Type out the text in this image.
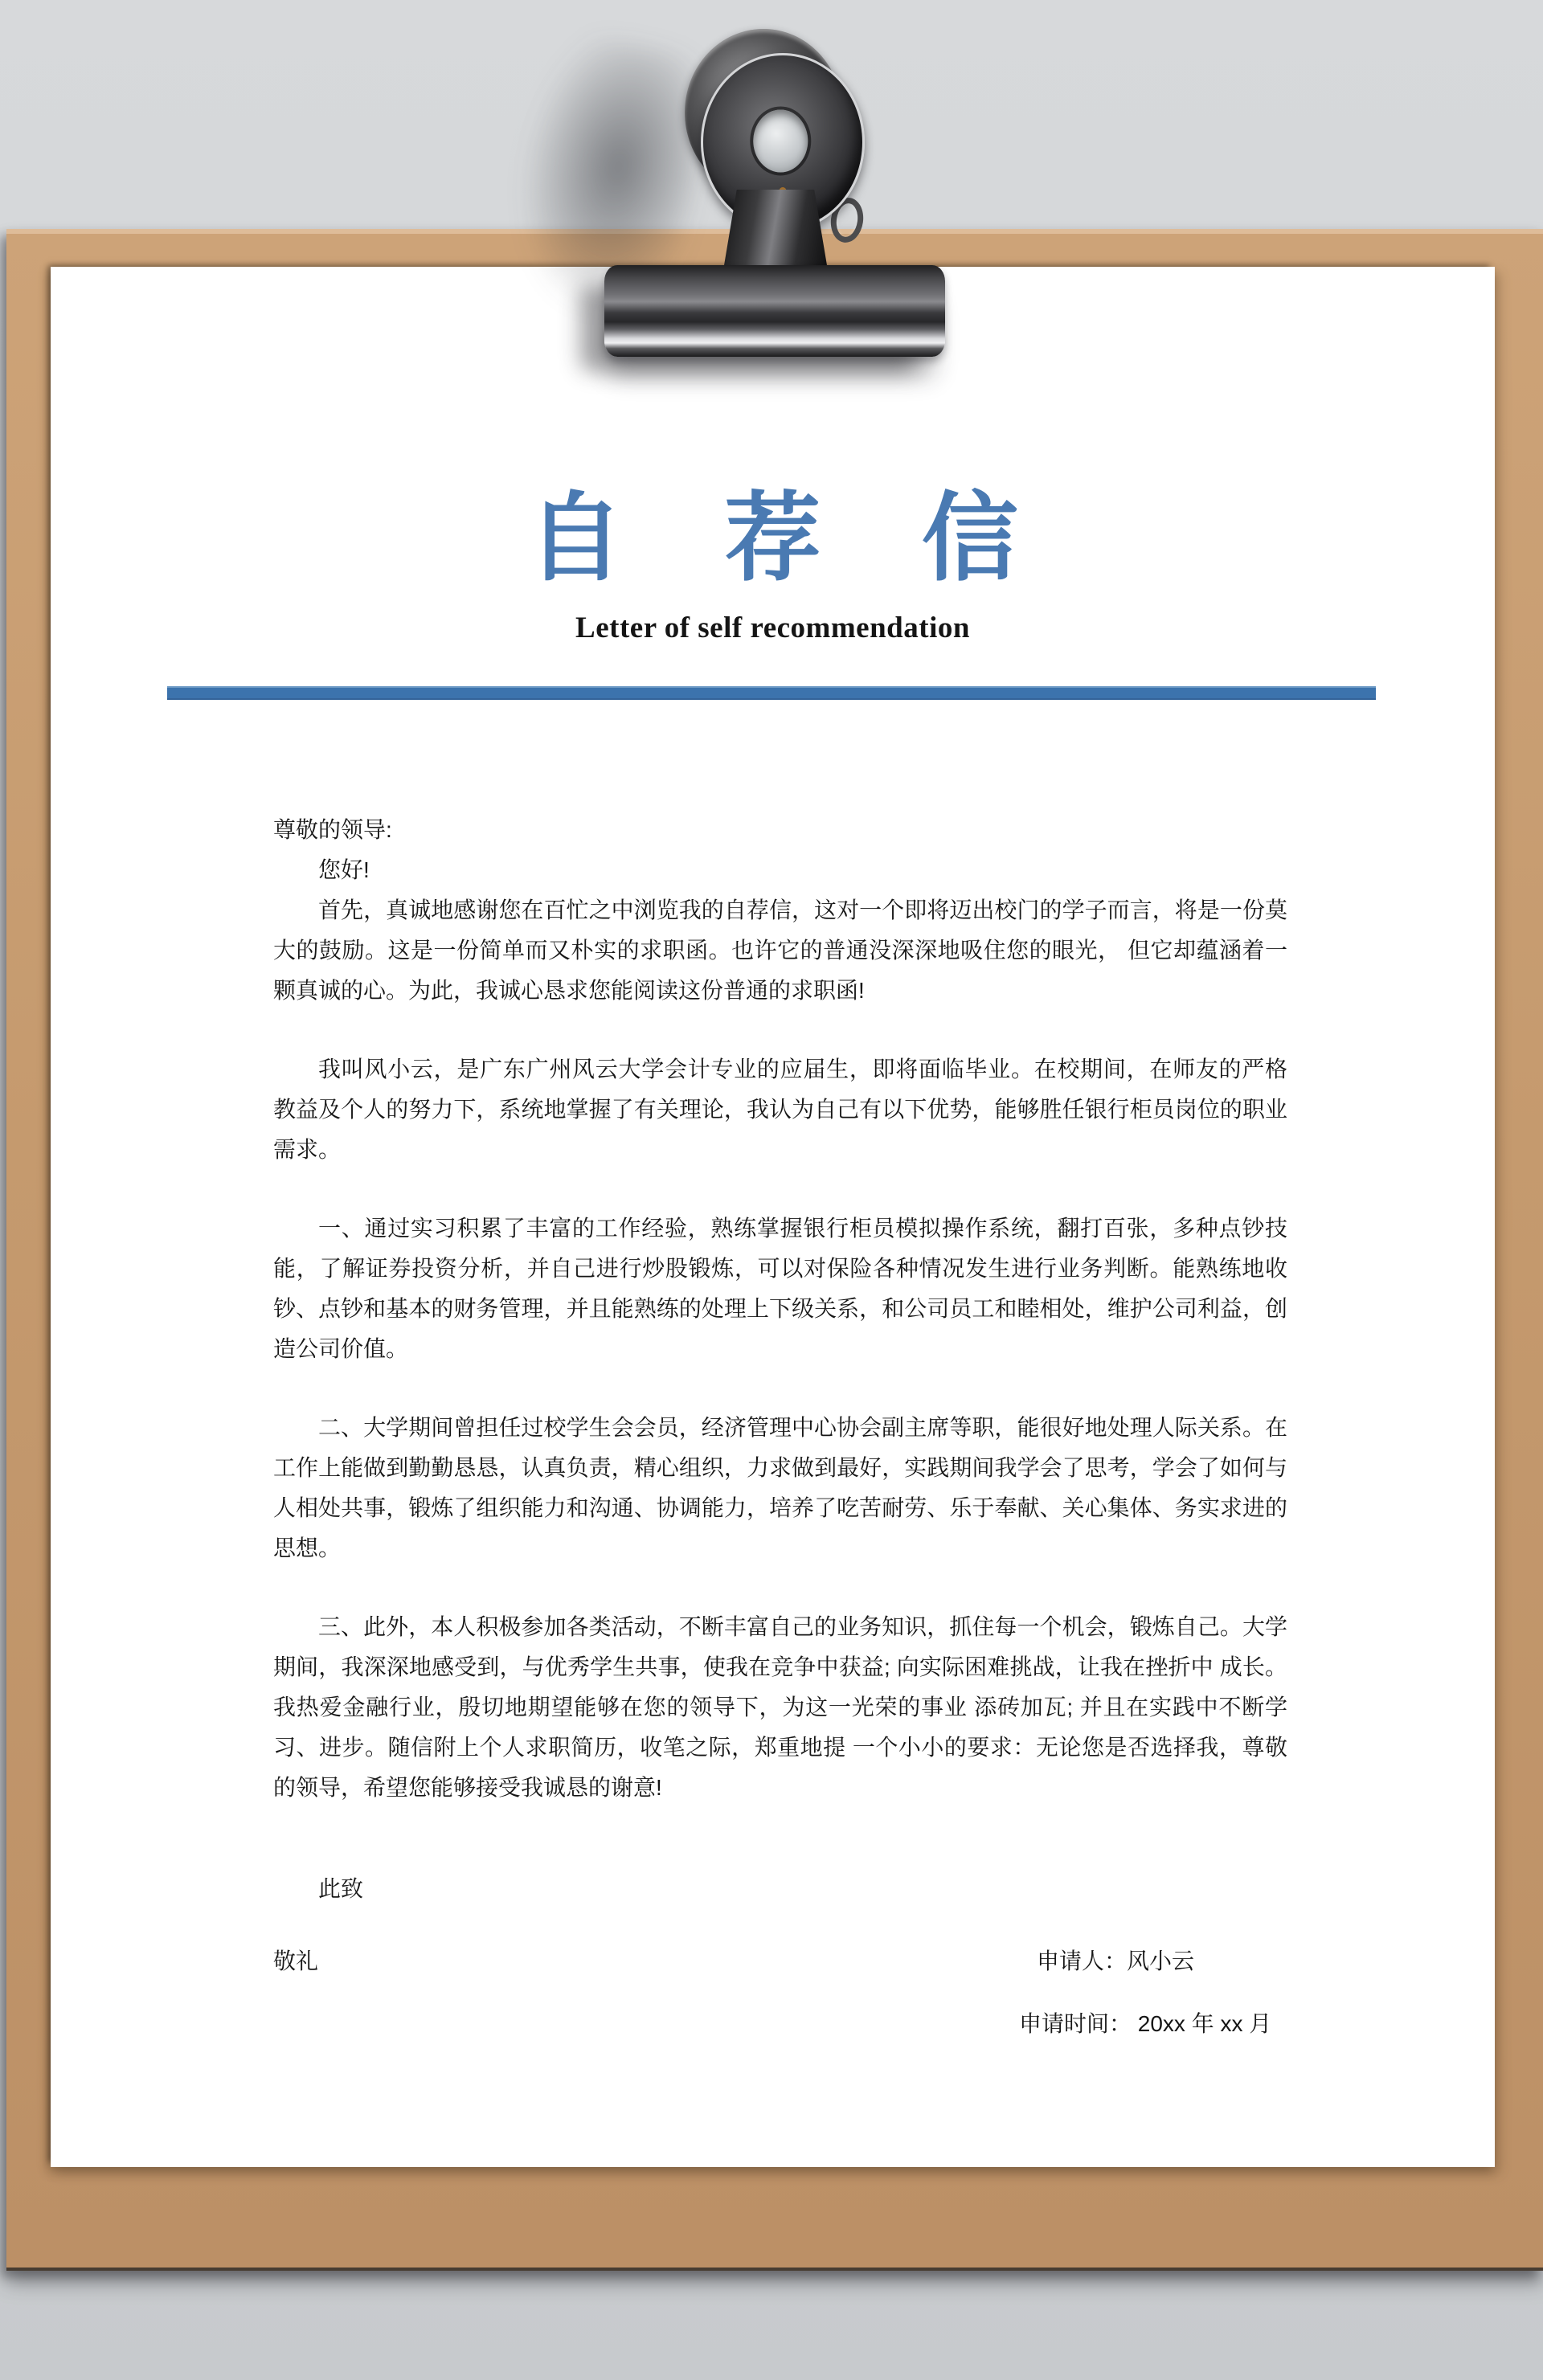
自 荐 信
Letter of self recommendation

尊敬的领导:

您好!

首先，真诚地感谢您在百忙之中浏览我的自荐信，这对一个即将迈出校门的学子而言，将是一份莫大的鼓励。这是一份简单而又朴实的求职函。也许它的普通没深深地吸住您的眼光， 但它却蕴涵着一颗真诚的心。为此，我诚心恳求您能阅读这份普通的求职函!

我叫风小云，是广东广州风云大学会计专业的应届生，即将面临毕业。在校期间，在师友的严格 教益及个人的努力下，系统地掌握了有关理论，我认为自己有以下优势，能够胜任银行柜员岗位的职业需求。

一、通过实习积累了丰富的工作经验，熟练掌握银行柜员模拟操作系统，翻打百张，多种点钞技能，了解证券投资分析，并自己进行炒股锻炼，可以对保险各种情况发生进行业务判断。能熟练地收钞、点钞和基本的财务管理，并且能熟练的处理上下级关系，和公司员工和睦相处，维护公司利益，创造公司价值。

二、大学期间曾担任过校学生会会员，经济管理中心协会副主席等职，能很好地处理人际关系。在工作上能做到勤勤恳恳，认真负责，精心组织，力求做到最好，实践期间我学会了思考，学会了如何与人相处共事，锻炼了组织能力和沟通、协调能力，培养了吃苦耐劳、乐于奉献、关心集体、务实求进的思想。

三、此外，本人积极参加各类活动，不断丰富自己的业务知识，抓住每一个机会，锻炼自己。大学期间，我深深地感受到，与优秀学生共事，使我在竞争中获益; 向实际困难挑战，让我在挫折中 成长。我热爱金融行业，殷切地期望能够在您的领导下，为这一光荣的事业 添砖加瓦; 并且在实践中不断学习、进步。随信附上个人求职简历，收笔之际，郑重地提 一个小小的要求：无论您是否选择我，尊敬的领导，希望您能够接受我诚恳的谢意!

此致

敬礼	申请人：风小云
申请时间： 20xx 年 xx 月
